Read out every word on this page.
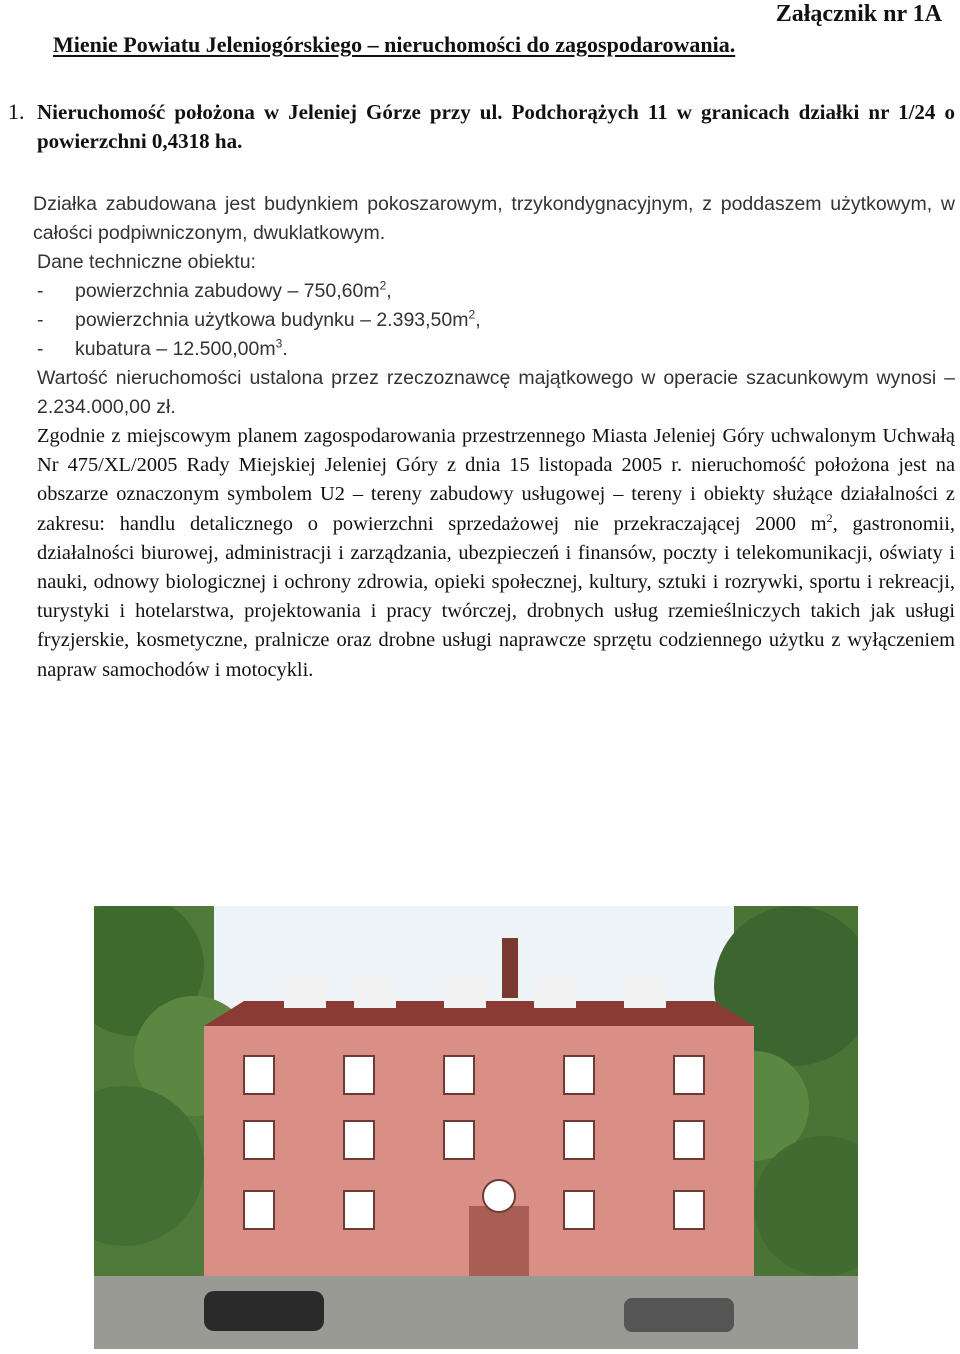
Załącznik nr 1A
Mienie Powiatu Jeleniogórskiego – nieruchomości do zagospodarowania.
1. Nieruchomość położona w Jeleniej Górze przy ul. Podchorążych 11 w granicach działki nr 1/24 o powierzchni 0,4318 ha.
Działka zabudowana jest budynkiem pokoszarowym, trzykondygnacyjnym, z poddaszem użytkowym, w całości podpiwniczonym, dwuklatkowym.
Dane techniczne obiektu:
- powierzchnia zabudowy – $750,60m^2$,
- powierzchnia użytkowa budynku – $2.393,50m^2$,
- kubatura – $12.500,00m^3$.
Wartość nieruchomości ustalona przez rzeczoznawcę majątkowego w operacie szacunkowym wynosi – 2.234.000,00 zł.
Zgodnie z miejscowym planem zagospodarowania przestrzennego Miasta Jeleniej Góry uchwalonym Uchwałą Nr 475/XL/2005 Rady Miejskiej Jeleniej Góry z dnia 15 listopada 2005 r. nieruchomość położona jest na obszarze oznaczonym symbolem U2 – tereny zabudowy usługowej – tereny i obiekty służące działalności z zakresu: handlu detalicznego o powierzchni sprzedażowej nie przekraczającej 2000 $m^2$, gastronomii, działalności biurowej, administracji i zarządzania, ubezpieczeń i finansów, poczty i telekomunikacji, oświaty i nauki, odnowy biologicznej i ochrony zdrowia, opieki społecznej, kultury, sztuki i rozrywki, sportu i rekreacji, turystyki i hotelarstwa, projektowania i pracy twórczej, drobnych usług rzemieślniczych takich jak usługi fryzjerskie, kosmetyczne, pralnicze oraz drobne usługi naprawcze sprzętu codziennego użytku z wyłączeniem napraw samochodów i motocykli.
